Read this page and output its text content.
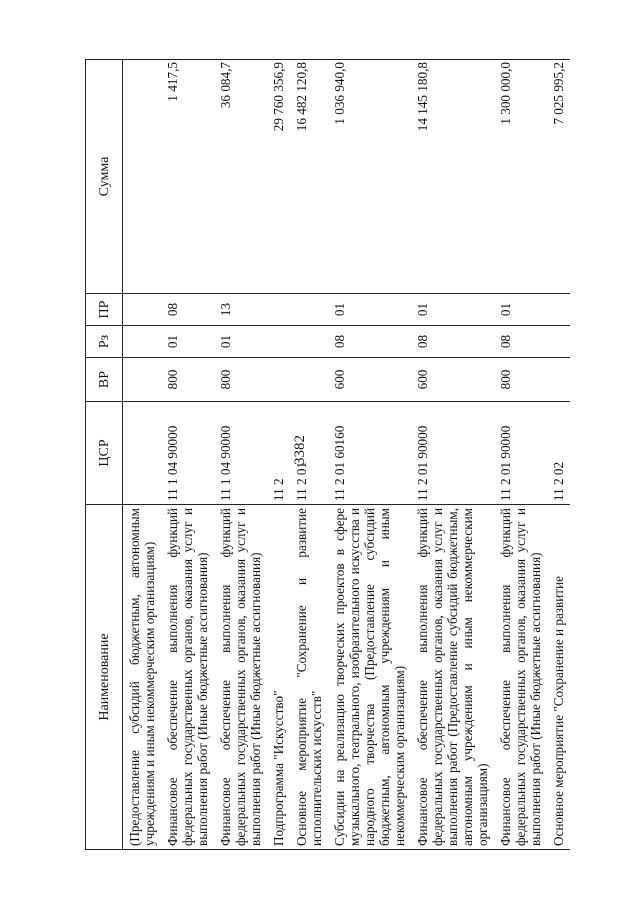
3382
Наименование	ЦСР	ВР	Рз	ПР	Сумма
(Предоставление субсидий бюджетным, автономным учреждениям и иным некоммерческим организациям)					
Финансовое обеспечение выполнения функций федеральных государственных органов, оказания услуг и выполнения работ (Иные бюджетные ассигнования)	11 1 04 90000	800	01	08	1 417,5
Финансовое обеспечение выполнения функций федеральных государственных органов, оказания услуг и выполнения работ (Иные бюджетные ассигнования)	11 1 04 90000	800	01	13	36 084,7
Подпрограмма "Искусство"	11 2				29 760 356,9
Основное мероприятие "Сохранение и развитие исполнительских искусств"	11 2 01				16 482 120,8
Субсидии на реализацию творческих проектов в сфере музыкального, театрального, изобразительного искусства и народного творчества (Предоставление субсидий бюджетным, автономным учреждениям и иным некоммерческим организациям)	11 2 01 60160	600	08	01	1 036 940,0
Финансовое обеспечение выполнения функций федеральных государственных органов, оказания услуг и выполнения работ (Предоставление субсидий бюджетным, автономным учреждениям и иным некоммерческим организациям)	11 2 01 90000	600	08	01	14 145 180,8
Финансовое обеспечение выполнения функций федеральных государственных органов, оказания услуг и выполнения работ (Иные бюджетные ассигнования)	11 2 01 90000	800	08	01	1 300 000,0
Основное мероприятие "Сохранение и развитие	11 2 02				7 025 995,2
